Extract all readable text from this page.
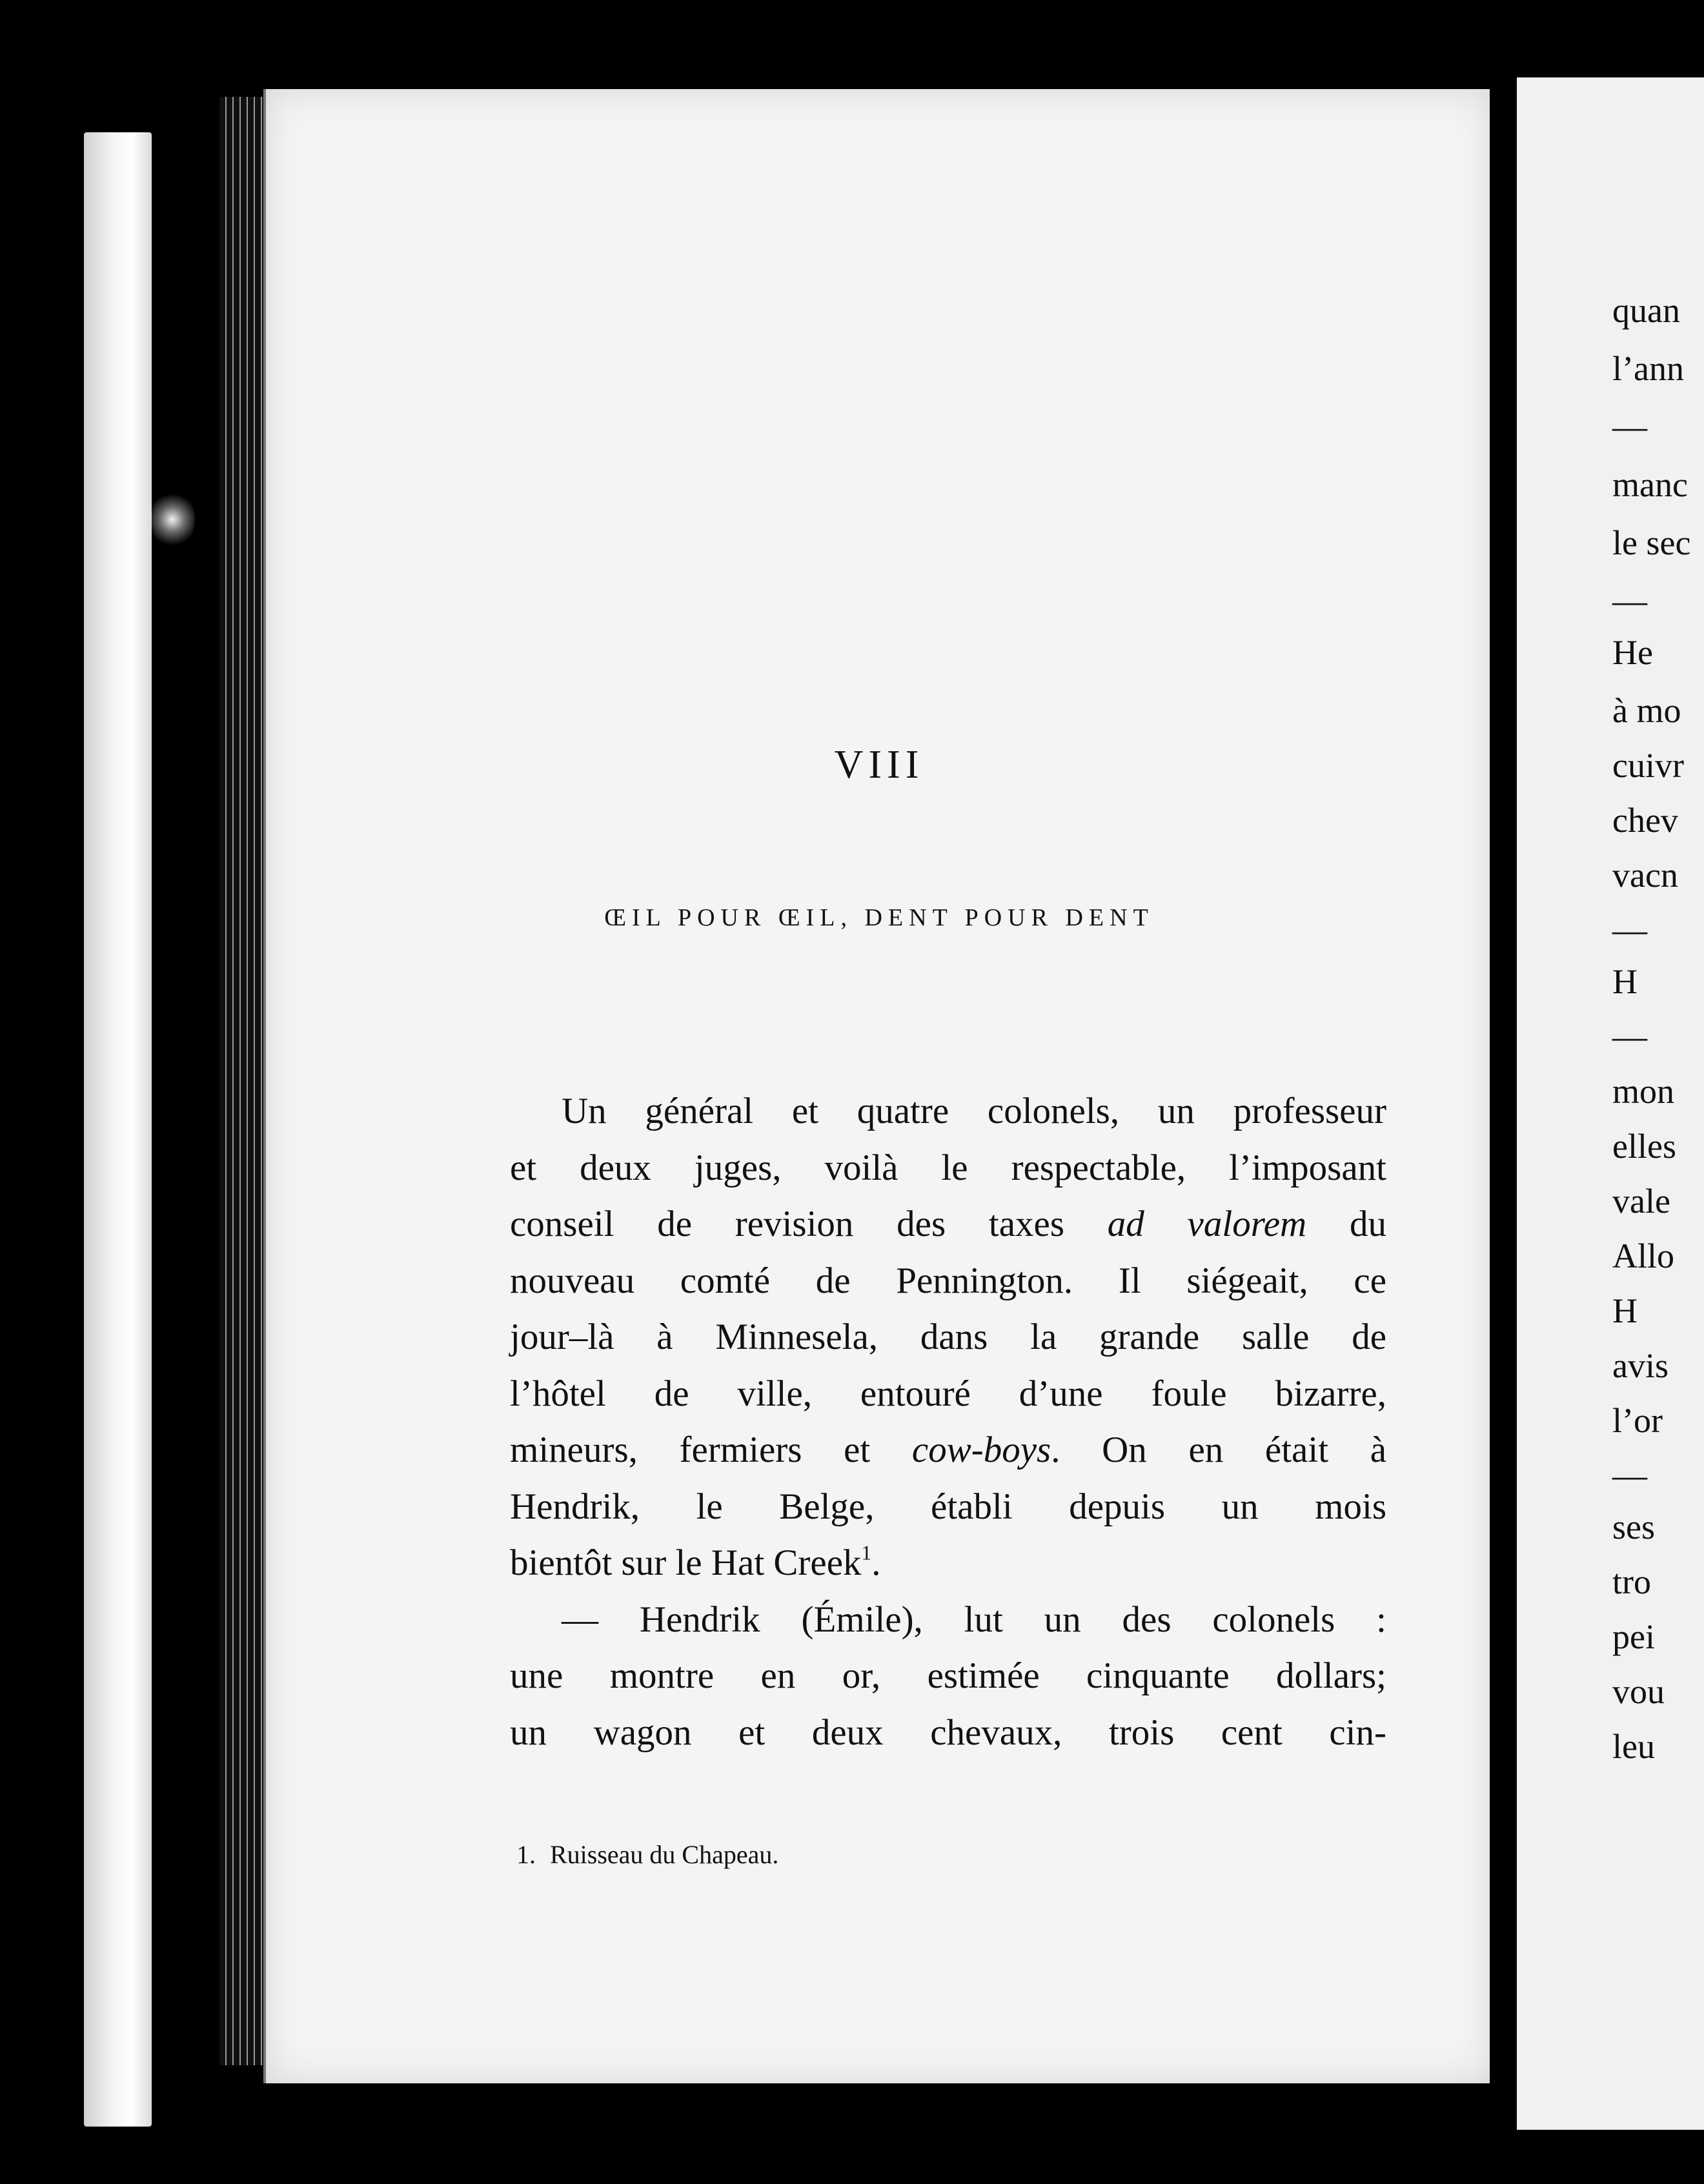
VIII
ŒIL POUR ŒIL, DENT POUR DENT
Un général et quatre colonels, un professeur
et deux juges, voilà le respectable, l’imposant
conseil de revision des taxes ad valorem du
nouveau comté de Pennington. Il siégeait, ce
jour–là à Minnesela, dans la grande salle de
l’hôtel de ville, entouré d’une foule bizarre,
mineurs, fermiers et cow-boys. On en était à
Hendrik, le Belge, établi depuis un mois
bientôt sur le Hat Creek$^1$.
— Hendrik (Émile), lut un des colonels :
une montre en or, estimée cinquante dollars;
un wagon et deux chevaux, trois cent cin-
1. Ruisseau du Chapeau.
quan
l’ann
—
manc
le sec
—
He
à mo
cuivr
chev
vacn
—
H
—
mon
elles
vale
Allo
H
avis
l’or
—
ses
tro
pei
vou
leu
